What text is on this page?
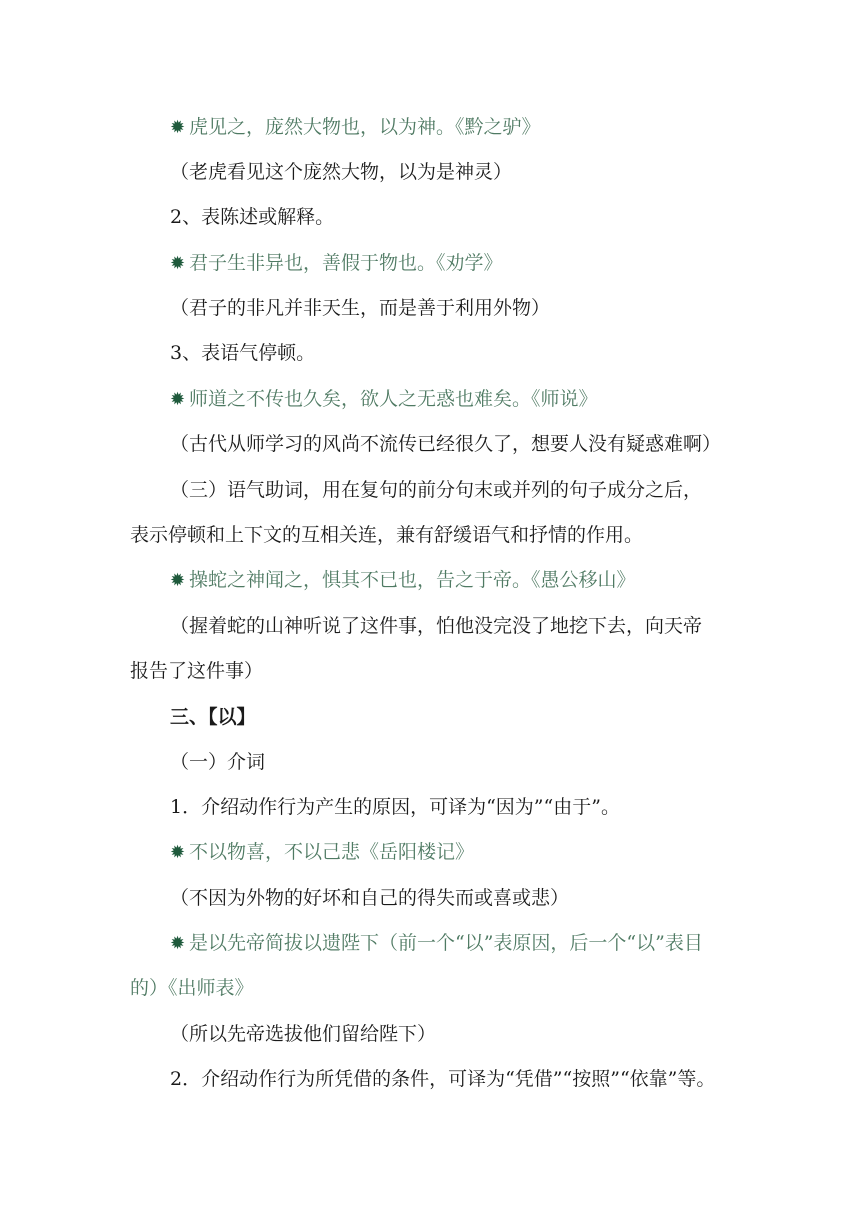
✹ 虎见之，庞然大物也，以为神。《黔之驴》
（老虎看见这个庞然大物，以为是神灵）
2、表陈述或解释。
✹ 君子生非异也，善假于物也。《劝学》
（君子的非凡并非天生，而是善于利用外物）
3、表语气停顿。
✹ 师道之不传也久矣，欲人之无惑也难矣。《师说》
（古代从师学习的风尚不流传已经很久了，想要人没有疑惑难啊）
（三）语气助词，用在复句的前分句末或并列的句子成分之后，
表示停顿和上下文的互相关连，兼有舒缓语气和抒情的作用。
✹ 操蛇之神闻之，惧其不已也，告之于帝。《愚公移山》
（握着蛇的山神听说了这件事，怕他没完没了地挖下去，向天帝
报告了这件事）
三、【以】
（一）介词
1．介绍动作行为产生的原因，可译为“因为”“由于”。
✹ 不以物喜，不以己悲《岳阳楼记》
（不因为外物的好坏和自己的得失而或喜或悲）
✹ 是以先帝简拔以遗陛下（前一个“以”表原因，后一个“以”表目
的）《出师表》
（所以先帝选拔他们留给陛下）
2．介绍动作行为所凭借的条件，可译为“凭借”“按照”“依靠”等。
